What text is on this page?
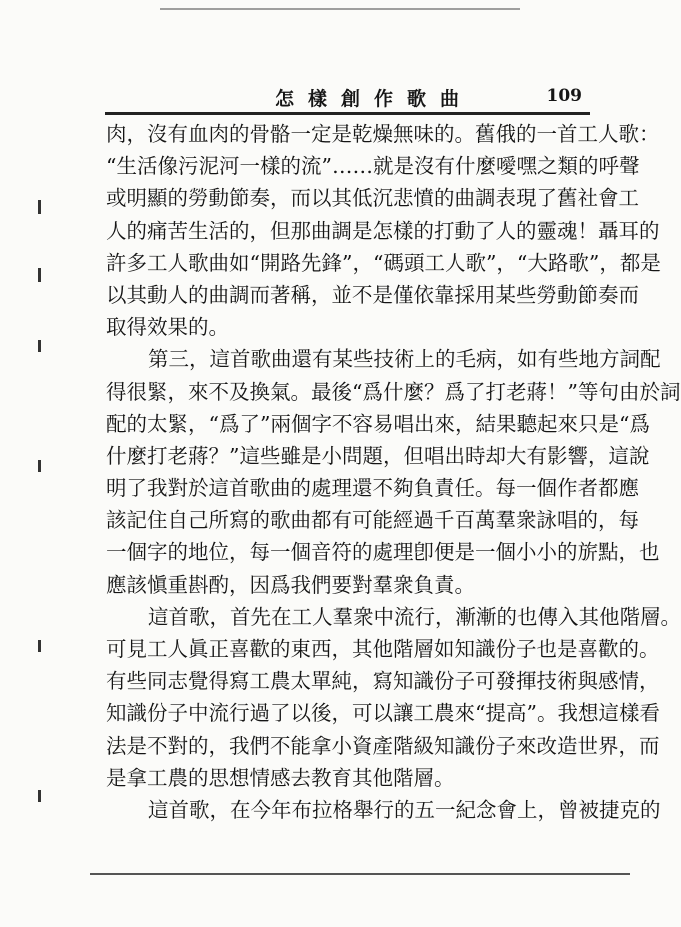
怎樣創作歌曲	109
肉，沒有血肉的骨骼一定是乾燥無味的。舊俄的一首工人歌：
“生活像污泥河一樣的流”……就是沒有什麼噯嘿之類的呼聲
或明顯的勞動節奏，而以其低沉悲憤的曲調表現了舊社會工
人的痛苦生活的，但那曲調是怎樣的打動了人的靈魂！聶耳的
許多工人歌曲如“開路先鋒”，“碼頭工人歌”，“大路歌”，都是
以其動人的曲調而著稱，並不是僅依靠採用某些勞動節奏而
取得效果的。
第三，這首歌曲還有某些技術上的毛病，如有些地方詞配
得很緊，來不及換氣。最後“爲什麼？爲了打老蔣！”等句由於詞
配的太緊，“爲了”兩個字不容易唱出來，結果聽起來只是“爲
什麼打老蔣？”這些雖是小問題，但唱出時却大有影響，這說
明了我對於這首歌曲的處理還不夠負責任。每一個作者都應
該記住自己所寫的歌曲都有可能經過千百萬羣衆詠唱的，每
一個字的地位，每一個音符的處理卽便是一個小小的旂點，也
應該愼重斟酌，因爲我們要對羣衆負責。
這首歌，首先在工人羣衆中流行，漸漸的也傳入其他階層。
可見工人眞正喜歡的東西，其他階層如知識份子也是喜歡的。
有些同志覺得寫工農太單純，寫知識份子可發揮技術與感情，
知識份子中流行過了以後，可以讓工農來“提高”。我想這樣看
法是不對的，我們不能拿小資產階級知識份子來改造世界，而
是拿工農的思想情感去教育其他階層。
這首歌，在今年布拉格舉行的五一紀念會上，曾被捷克的
